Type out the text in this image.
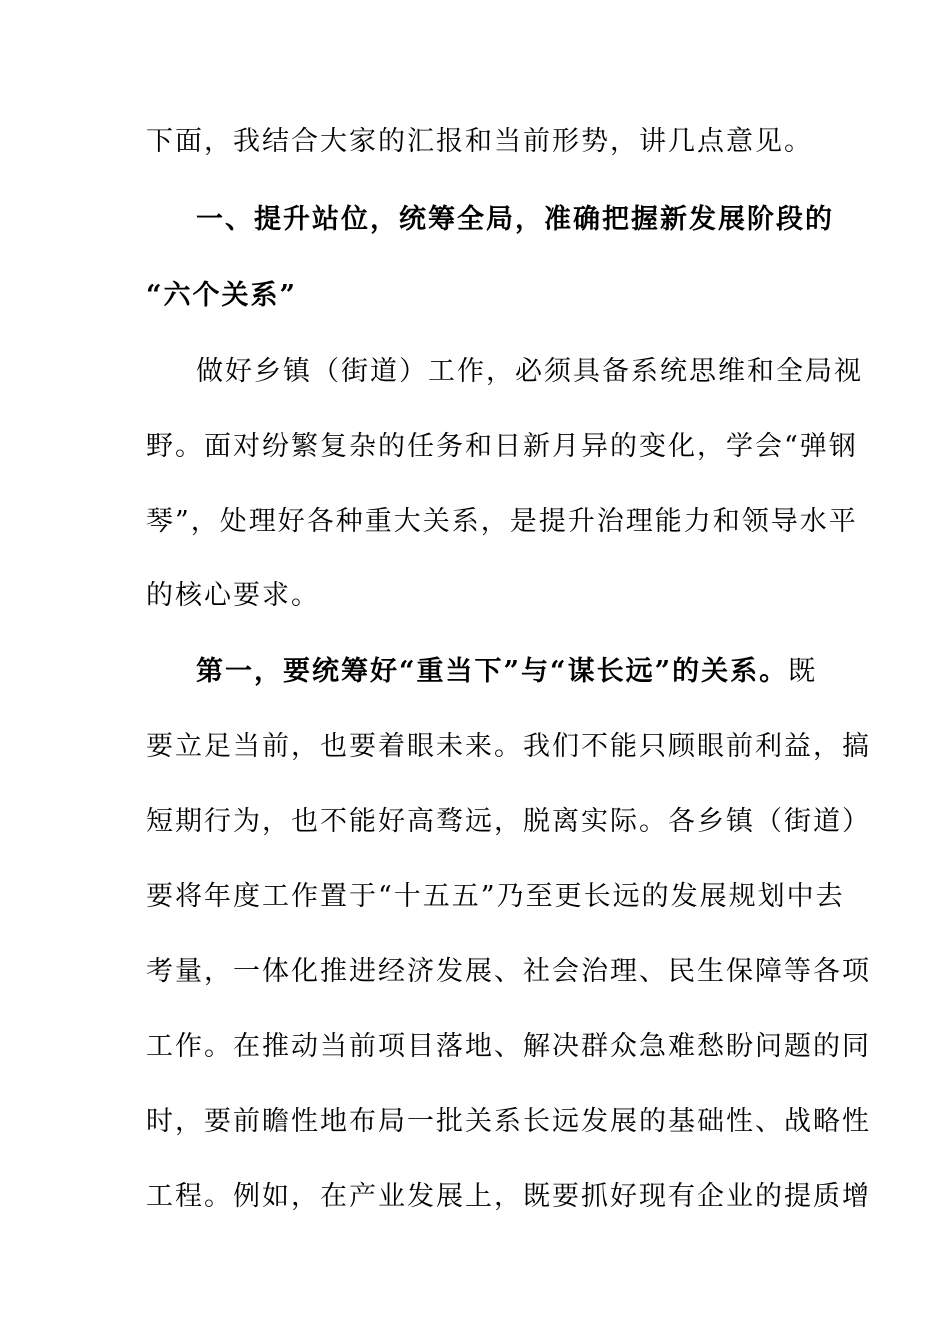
下面，我结合大家的汇报和当前形势，讲几点意见。
一、提升站位，统筹全局，准确把握新发展阶段的
“六个关系”
做好乡镇（街道）工作，必须具备系统思维和全局视
野。面对纷繁复杂的任务和日新月异的变化，学会“弹钢
琴”，处理好各种重大关系，是提升治理能力和领导水平
的核心要求。
第一，要统筹好“重当下”与“谋长远”的关系。既
要立足当前，也要着眼未来。我们不能只顾眼前利益，搞
短期行为，也不能好高骛远，脱离实际。各乡镇（街道）
要将年度工作置于“十五五”乃至更长远的发展规划中去
考量，一体化推进经济发展、社会治理、民生保障等各项
工作。在推动当前项目落地、解决群众急难愁盼问题的同
时，要前瞻性地布局一批关系长远发展的基础性、战略性
工程。例如，在产业发展上，既要抓好现有企业的提质增
